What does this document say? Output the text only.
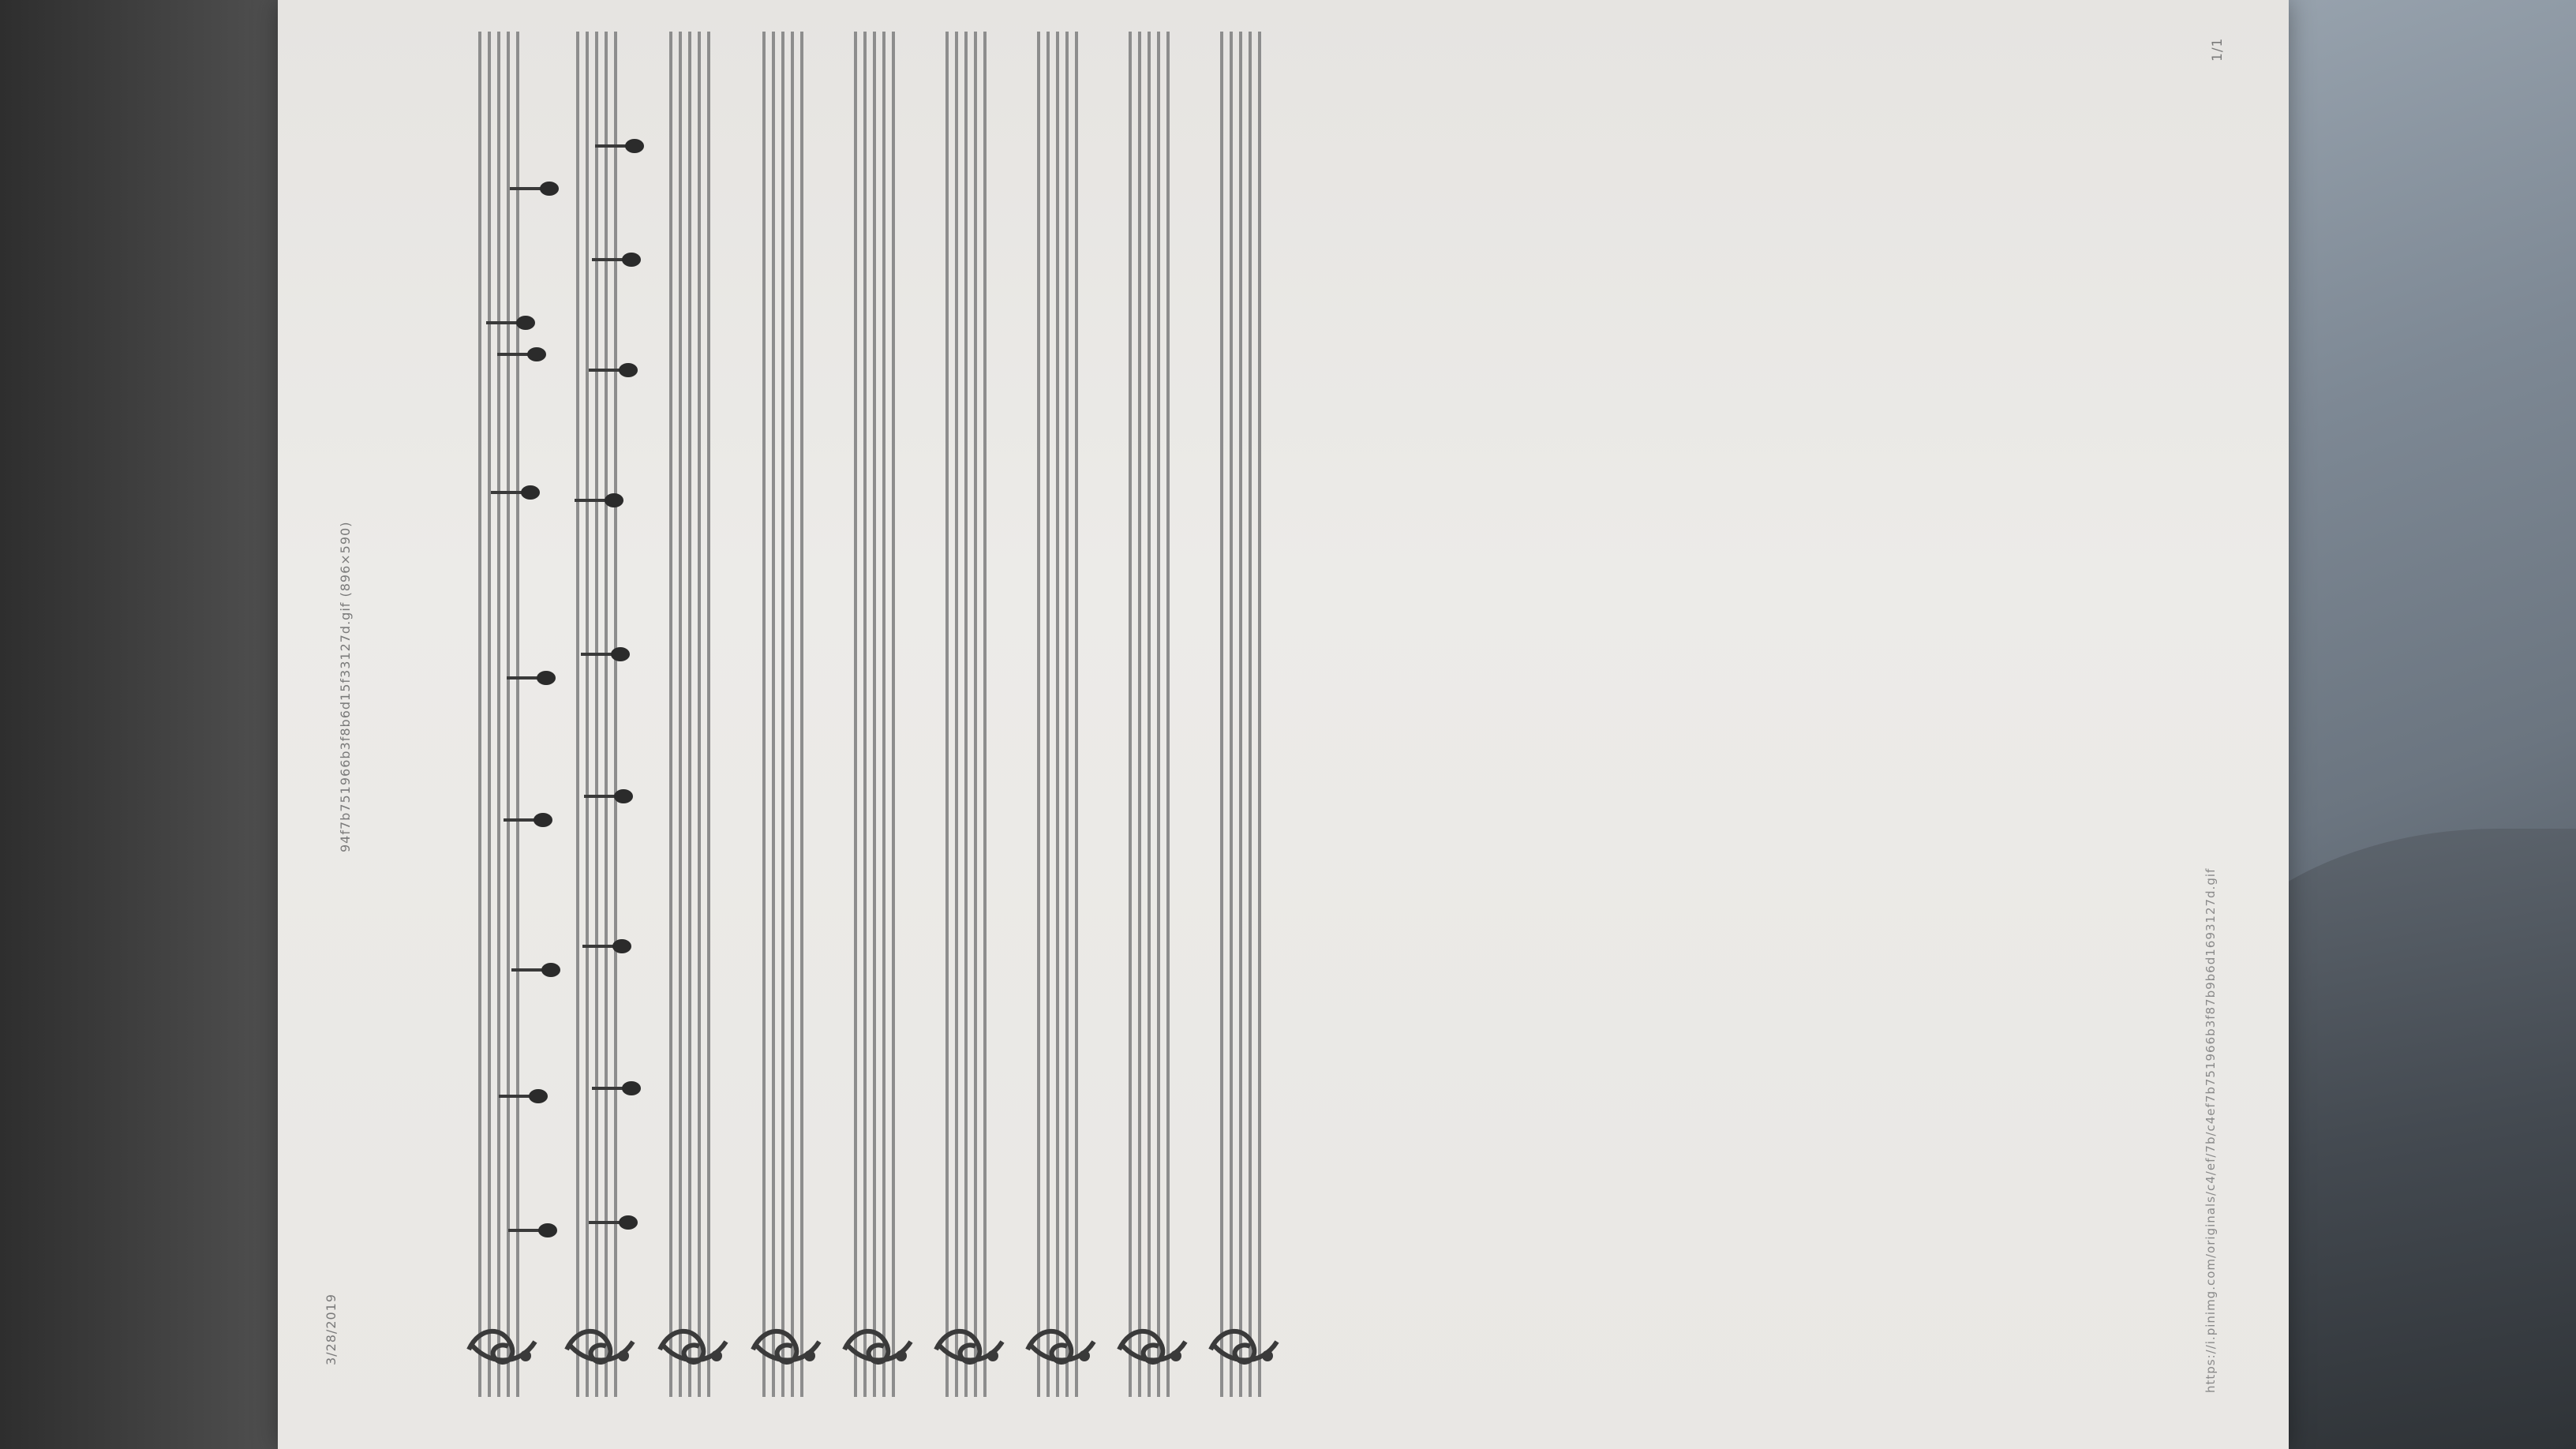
3/28/2019
94f7b751966b3f8b6d15f33127d.gif (896×590)
https://i.pinimg.com/originals/c4/ef/7b/c4ef7b751966b3f87b9b6d1693127d.gif
1/1
